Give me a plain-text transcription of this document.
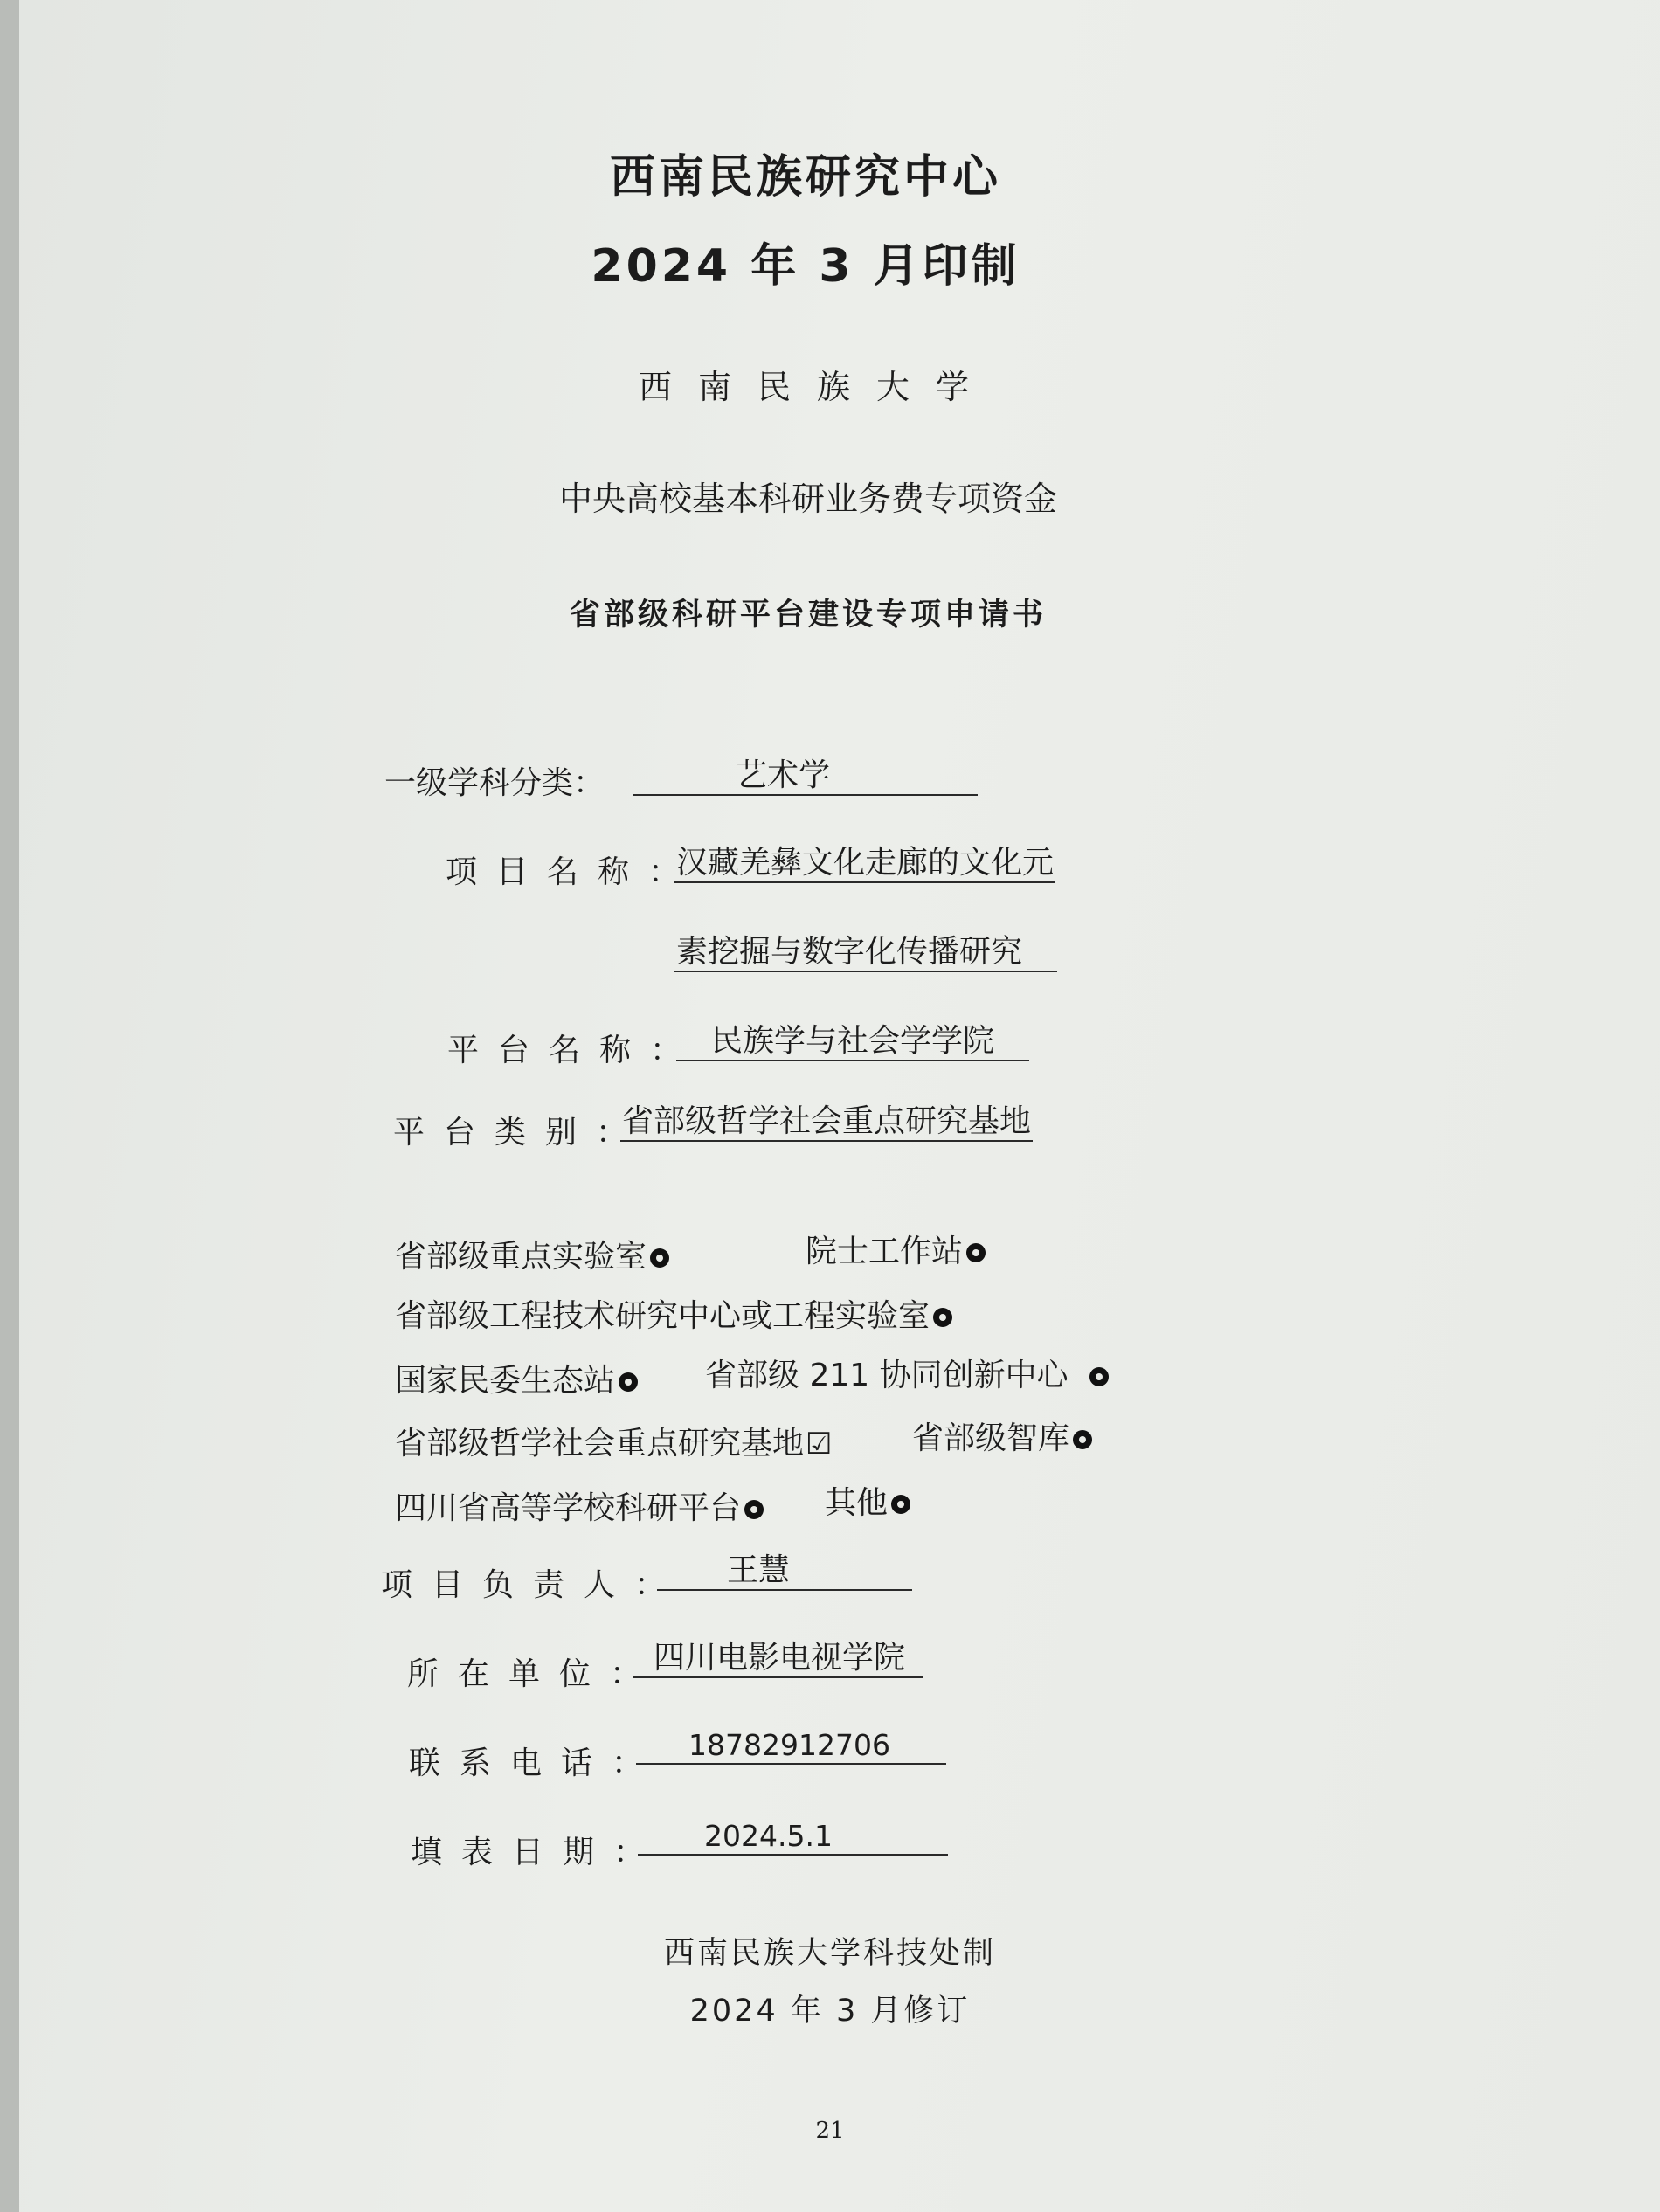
西南民族研究中心
2024 年 3 月印制
西南民族大学
中央高校基本科研业务费专项资金
省部级科研平台建设专项申请书
一级学科分类：	艺术学
项目名称：
汉藏羌彝文化走廊的文化元
素挖掘与数字化传播研究
平台名称： 民族学与社会学学院
平台类别：
省部级哲学社会重点研究基地
省部级重点实验室	院士工作站
省部级工程技术研究中心或工程实验室
国家民委生态站	省部级 211 协同创新中心
省部级哲学社会重点研究基地☑	省部级智库
四川省高等学校科研平台	其他
项目负责人：	王慧
所在单位：
四川电影电视学院
联系电话：
18782912706
填表日期：	2024.5.1
西南民族大学科技处制
2024 年 3 月修订
21
